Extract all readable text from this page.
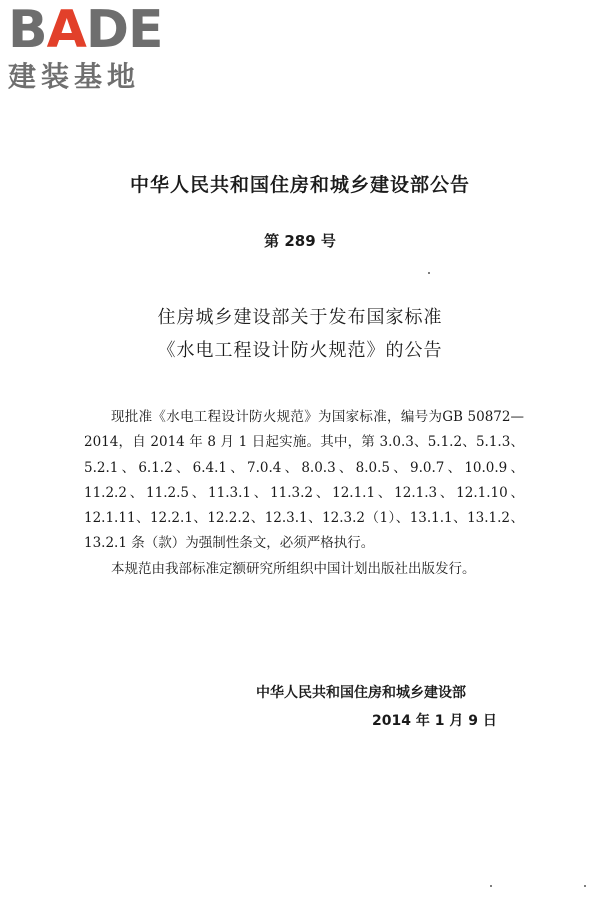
BADE
建装基地
中华人民共和国住房和城乡建设部公告
第 289 号
住房城乡建设部关于发布国家标准
《水电工程设计防火规范》的公告

现批准《水电工程设计防火规范》为国家标准，编号为GB 50872—2014，自 2014 年 8 月 1 日起实施。其中，第 3.0.3、5.1.2、5.1.3、5.2.1、6.1.2、6.4.1、7.0.4、8.0.3、8.0.5、9.0.7、10.0.9、11.2.2、11.2.5、11.3.1、11.3.2、12.1.1、12.1.3、12.1.10、12.1.11、12.2.1、12.2.2、12.3.1、12.3.2（1）、13.1.1、13.1.2、13.2.1 条（款）为强制性条文，必须严格执行。

本规范由我部标准定额研究所组织中国计划出版社出版发行。

中华人民共和国住房和城乡建设部
2014 年 1 月 9 日
